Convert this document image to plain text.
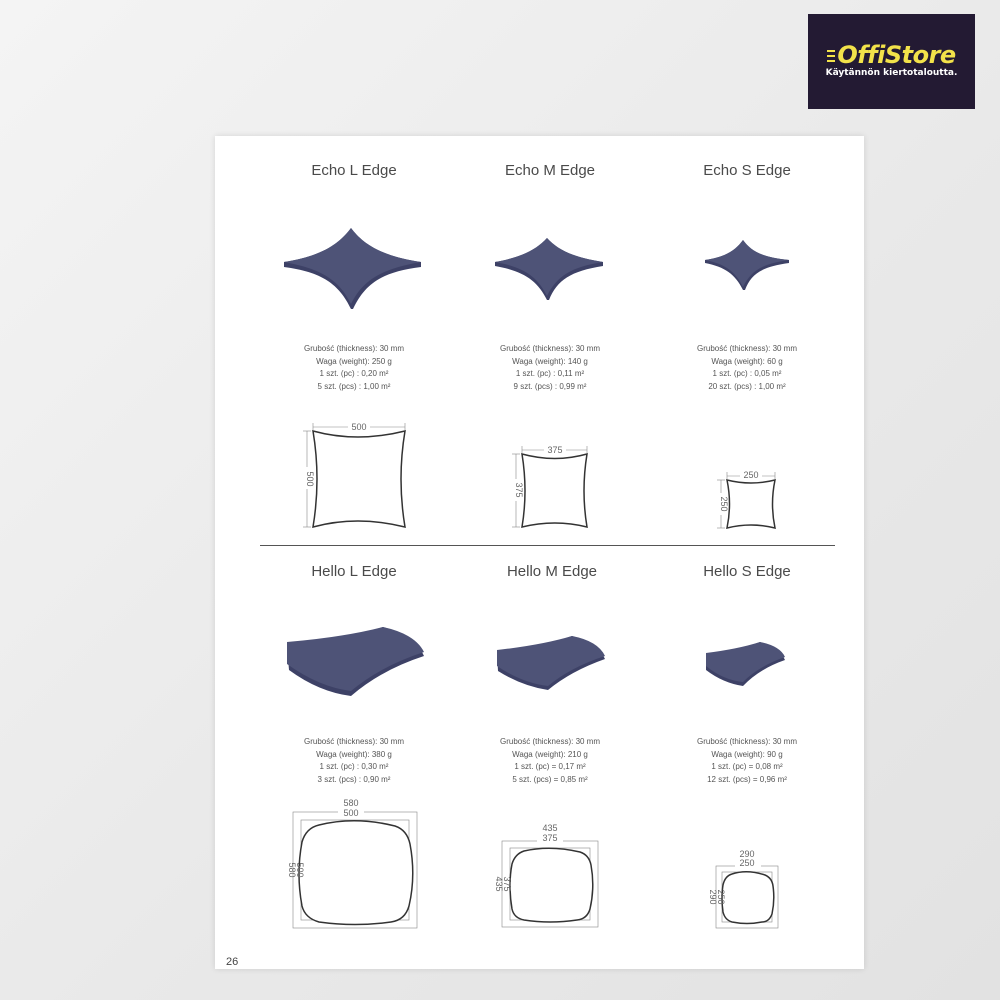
OffiStore
Käytännön kiertotaloutta.
Echo L Edge	Echo M Edge	Echo S Edge
Hello L Edge	Hello M Edge	Hello S Edge
Grubość (thickness): 30 mm
Waga (weight): 250 g
1 szt. (pc) : 0,20 m²
5 szt. (pcs) : 1,00 m²
Grubość (thickness): 30 mm
Waga (weight): 140 g
1 szt. (pc) : 0,11 m²
9 szt. (pcs) : 0,99 m²
Grubość (thickness): 30 mm
Waga (weight): 60 g
1 szt. (pc) : 0,05 m²
20 szt. (pcs) : 1,00 m²
500
500
375
375
250
250
Grubość (thickness): 30 mm
Waga (weight): 380 g
1 szt. (pc) : 0,30 m²
3 szt. (pcs) : 0,90 m²
Grubość (thickness): 30 mm
Waga (weight): 210 g
1 szt. (pc) = 0,17 m²
5 szt. (pcs) = 0,85 m²
Grubość (thickness): 30 mm
Waga (weight): 90 g
1 szt. (pc) = 0,08 m²
12 szt. (pcs) = 0,96 m²
580
500
580
500
435
375
435
375
290
250
290
250
26
